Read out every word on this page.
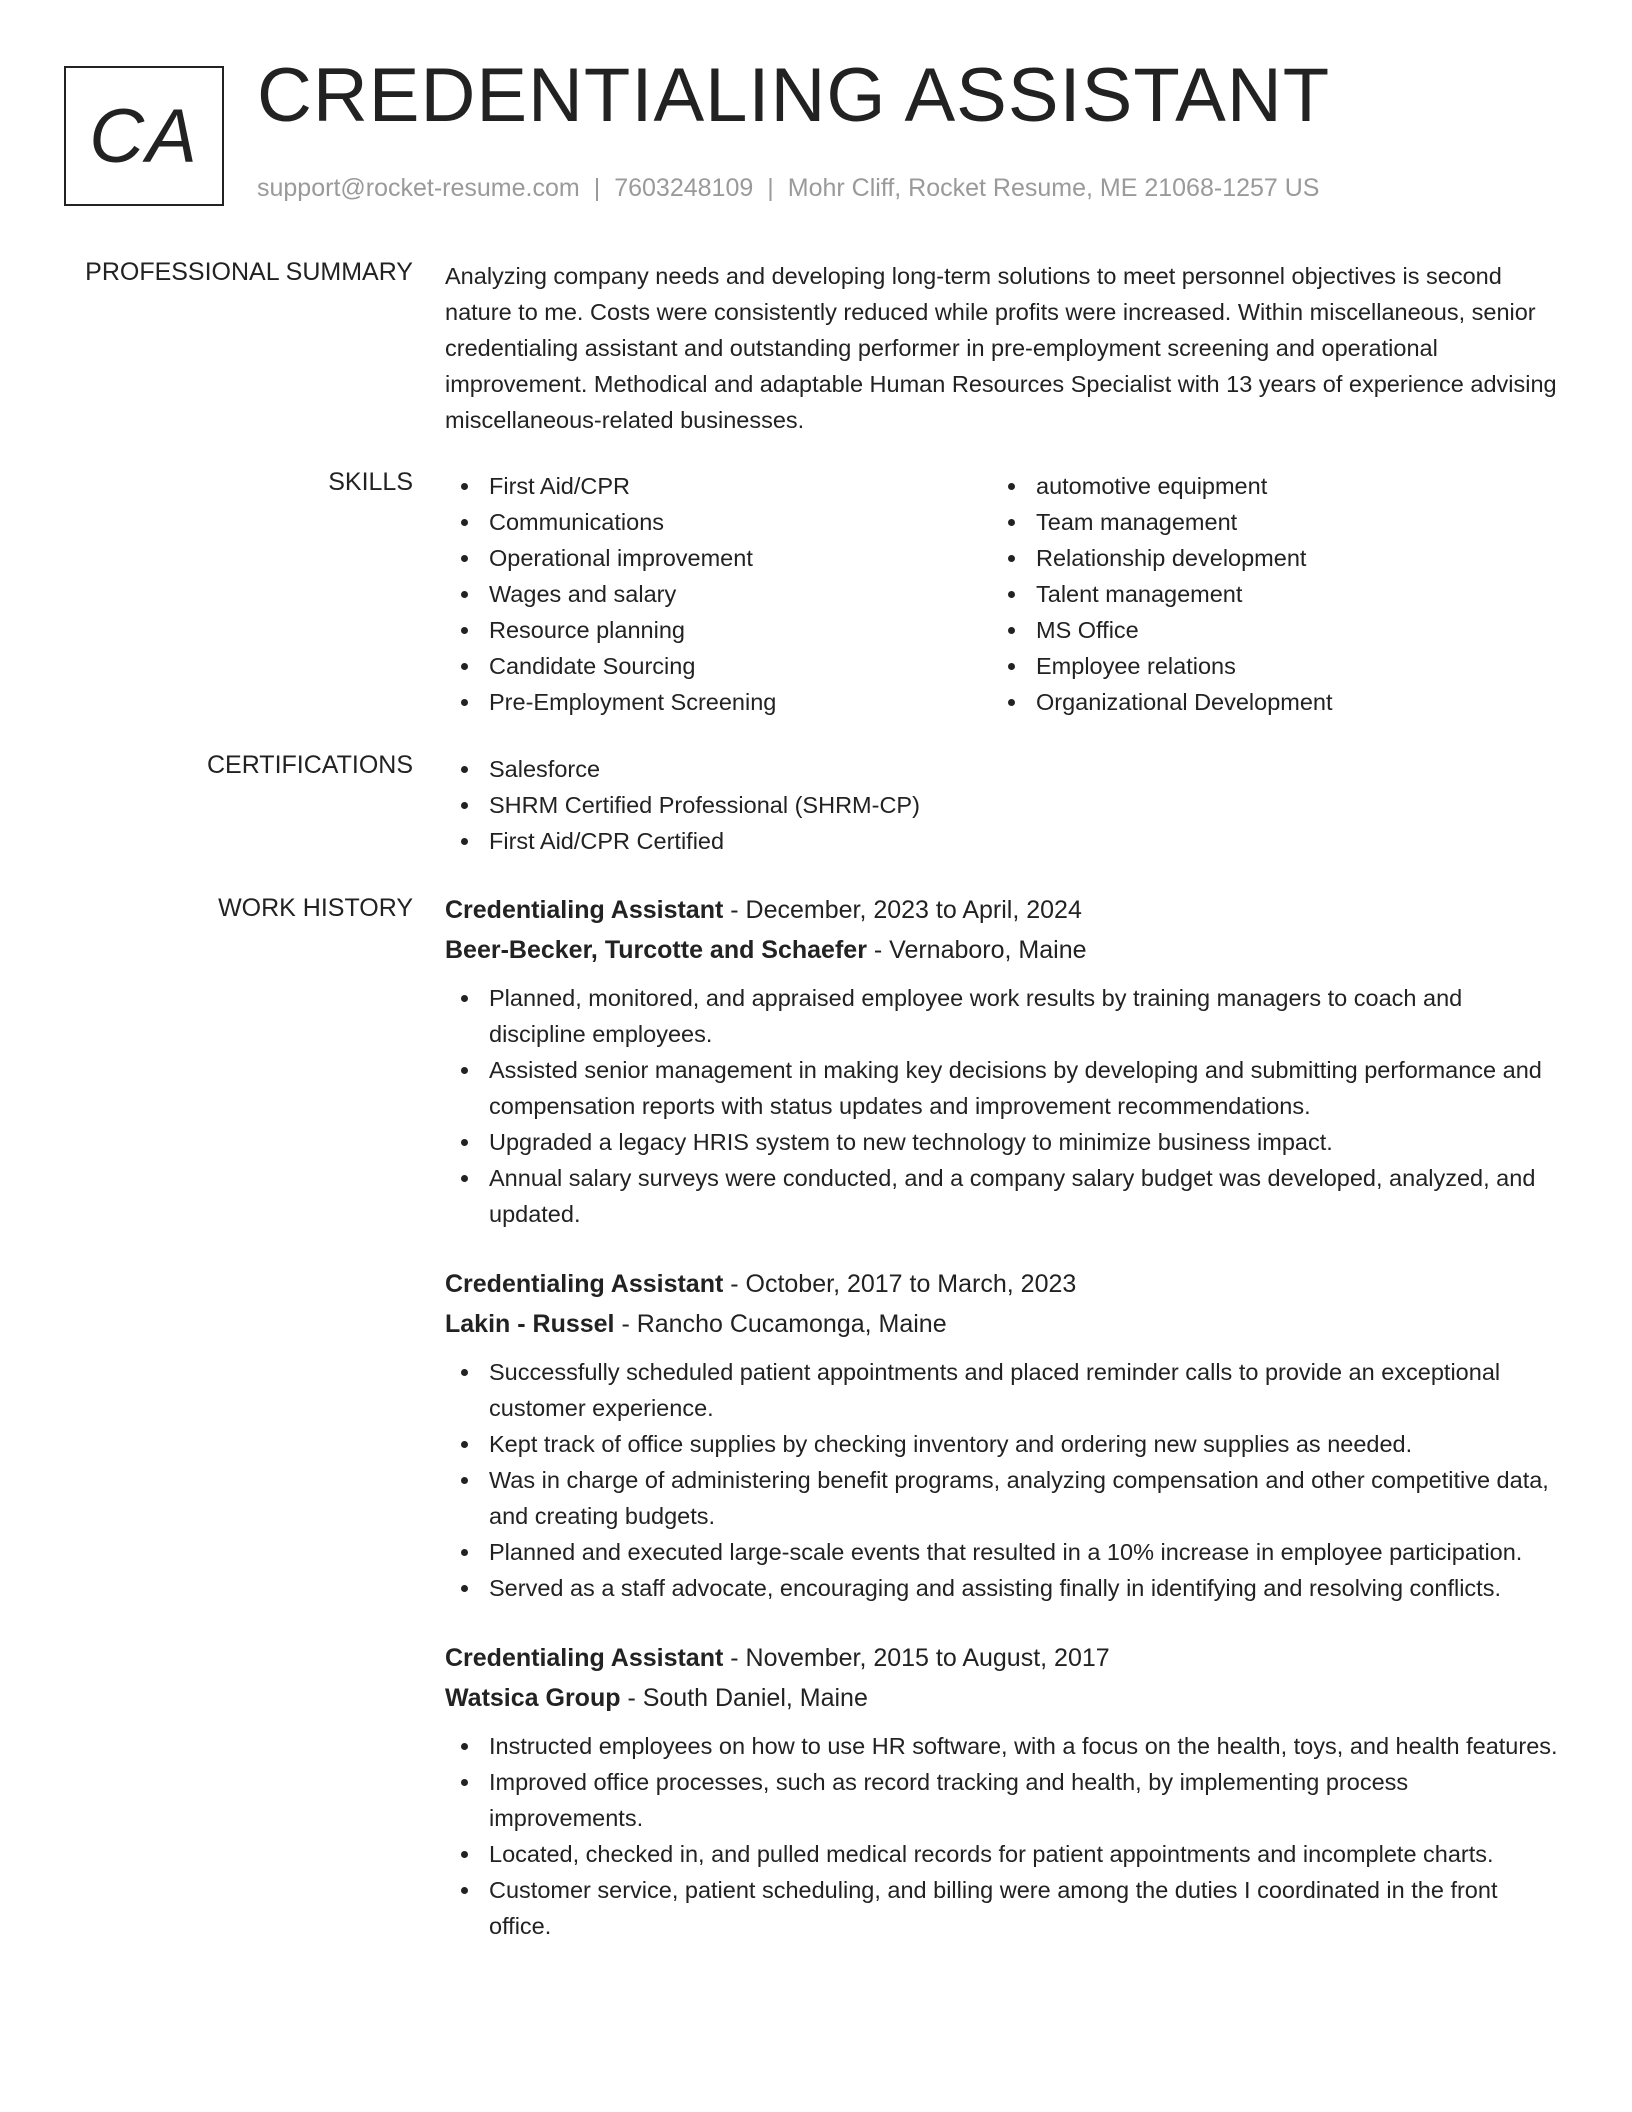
CA CREDENTIALING ASSISTANT
support@rocket-resume.com | 7603248109 | Mohr Cliff, Rocket Resume, ME 21068-1257 US
PROFESSIONAL SUMMARY Analyzing company needs and developing long-term solutions to meet personnel objectives is second nature to me. Costs were consistently reduced while profits were increased. Within miscellaneous, senior credentialing assistant and outstanding performer in pre-employment screening and operational improvement. Methodical and adaptable Human Resources Specialist with 13 years of experience advising miscellaneous-related businesses.

SKILLS	First Aid/CPR
Communications
Operational improvement
Wages and salary
Resource planning
Candidate Sourcing
Pre-Employment Screening
automotive equipment
Team management
Relationship development
Talent management
MS Office
Employee relations
Organizational Development
CERTIFICATIONS	Salesforce
SHRM Certified Professional (SHRM-CP)
First Aid/CPR Certified
WORK HISTORY Credentialing Assistant - December, 2023 to April, 2024
Beer-Becker, Turcotte and Schaefer - Vernaboro, Maine
Planned, monitored, and appraised employee work results by training managers to coach and discipline employees.
Assisted senior management in making key decisions by developing and submitting performance and compensation reports with status updates and improvement recommendations.
Upgraded a legacy HRIS system to new technology to minimize business impact.
Annual salary surveys were conducted, and a company salary budget was developed, analyzed, and updated.
Credentialing Assistant - October, 2017 to March, 2023
Lakin - Russel - Rancho Cucamonga, Maine
Successfully scheduled patient appointments and placed reminder calls to provide an exceptional customer experience.
Kept track of office supplies by checking inventory and ordering new supplies as needed.
Was in charge of administering benefit programs, analyzing compensation and other competitive data, and creating budgets.
Planned and executed large-scale events that resulted in a 10% increase in employee participation.
Served as a staff advocate, encouraging and assisting finally in identifying and resolving conflicts.
Credentialing Assistant - November, 2015 to August, 2017
Watsica Group - South Daniel, Maine
Instructed employees on how to use HR software, with a focus on the health, toys, and health features.
Improved office processes, such as record tracking and health, by implementing process improvements.
Located, checked in, and pulled medical records for patient appointments and incomplete charts.
Customer service, patient scheduling, and billing were among the duties I coordinated in the front office.
